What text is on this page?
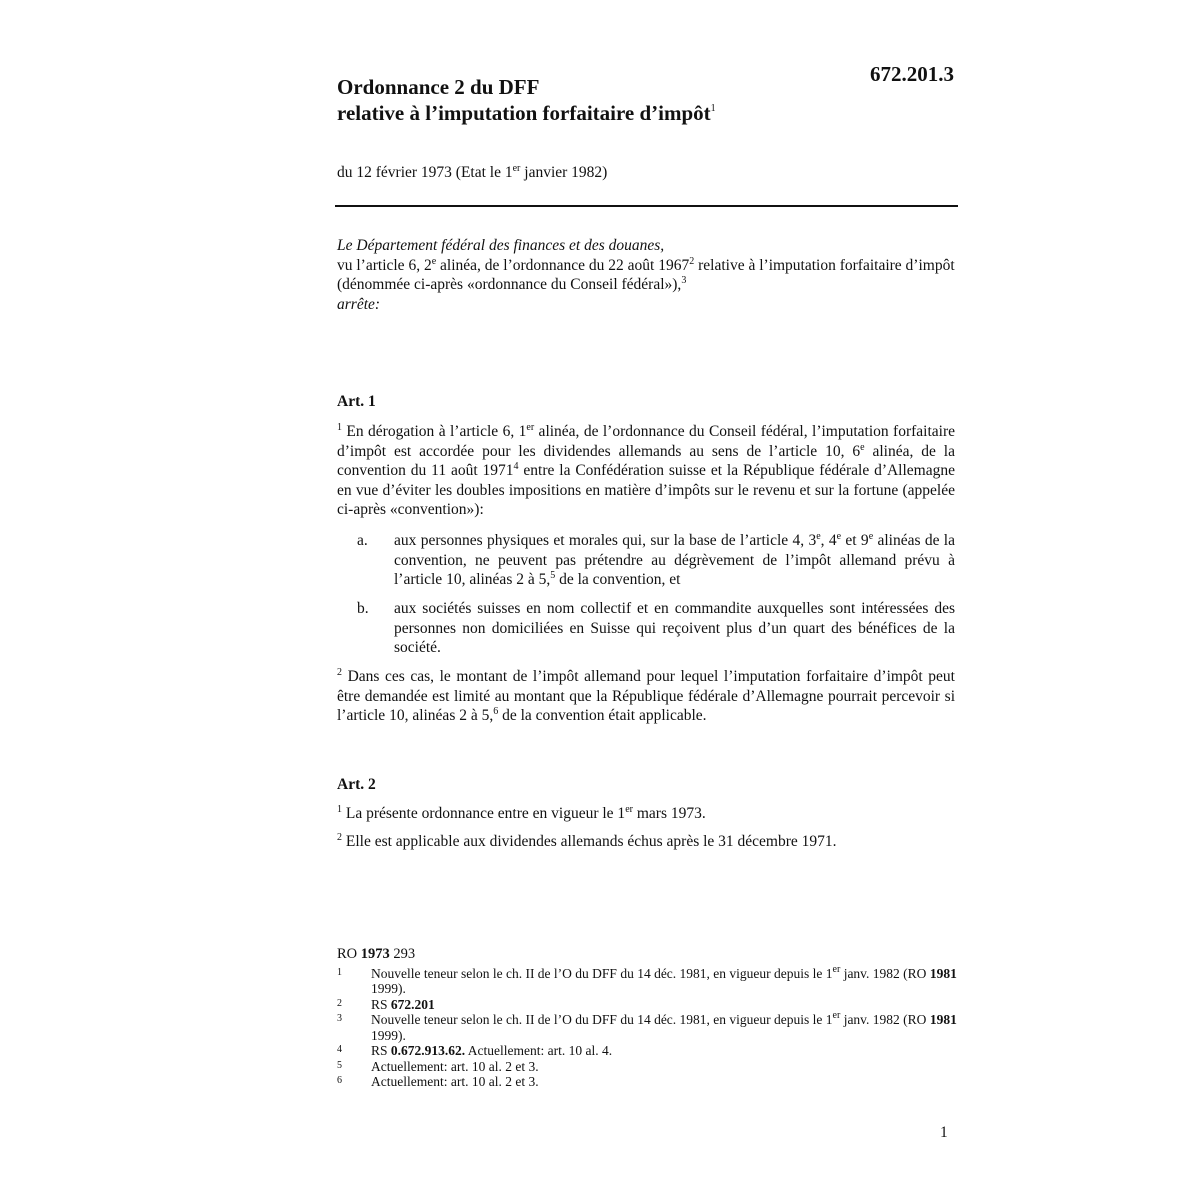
Ordonnance 2 du DFF
relative à l’imputation forfaitaire d’impôt$^1$
672.201.3
du 12 février 1973 (Etat le 1er janvier 1982)
Le Département fédéral des finances et des douanes,
vu l’article 6, 2e alinéa, de l’ordonnance du 22 août 1967$^2$ relative à l’imputation forfaitaire d’impôt (dénommée ci-après «ordonnance du Conseil fédéral»),$^3$
arrête:
Art. 1
$^1$ En dérogation à l’article 6, 1er alinéa, de l’ordonnance du Conseil fédéral, l’imputation forfaitaire d’impôt est accordée pour les dividendes allemands au sens de l’article 10, 6e alinéa, de la convention du 11 août 1971$^4$ entre la Confédération suisse et la République fédérale d’Allemagne en vue d’éviter les doubles impositions en matière d’impôts sur le revenu et sur la fortune (appelée ci-après «convention»):
a. aux personnes physiques et morales qui, sur la base de l’article 4, 3e, 4e et 9e alinéas de la convention, ne peuvent pas prétendre au dégrèvement de l’impôt allemand prévu à l’article 10, alinéas 2 à 5,$^5$ de la convention, et
b. aux sociétés suisses en nom collectif et en commandite auxquelles sont intéressées des personnes non domiciliées en Suisse qui reçoivent plus d’un quart des bénéfices de la société.
$^2$ Dans ces cas, le montant de l’impôt allemand pour lequel l’imputation forfaitaire d’impôt peut être demandée est limité au montant que la République fédérale d’Allemagne pourrait percevoir si l’article 10, alinéas 2 à 5,$^6$ de la convention était applicable.
Art. 2
$^1$ La présente ordonnance entre en vigueur le 1er mars 1973.
$^2$ Elle est applicable aux dividendes allemands échus après le 31 décembre 1971.
RO 1973 293
1 Nouvelle teneur selon le ch. II de l’O du DFF du 14 déc. 1981, en vigueur depuis le 1er janv. 1982 (RO 1981 1999).
2 RS 672.201
3 Nouvelle teneur selon le ch. II de l’O du DFF du 14 déc. 1981, en vigueur depuis le 1er janv. 1982 (RO 1981 1999).
4 RS 0.672.913.62. Actuellement: art. 10 al. 4.
5 Actuellement: art. 10 al. 2 et 3.
6 Actuellement: art. 10 al. 2 et 3.
1
